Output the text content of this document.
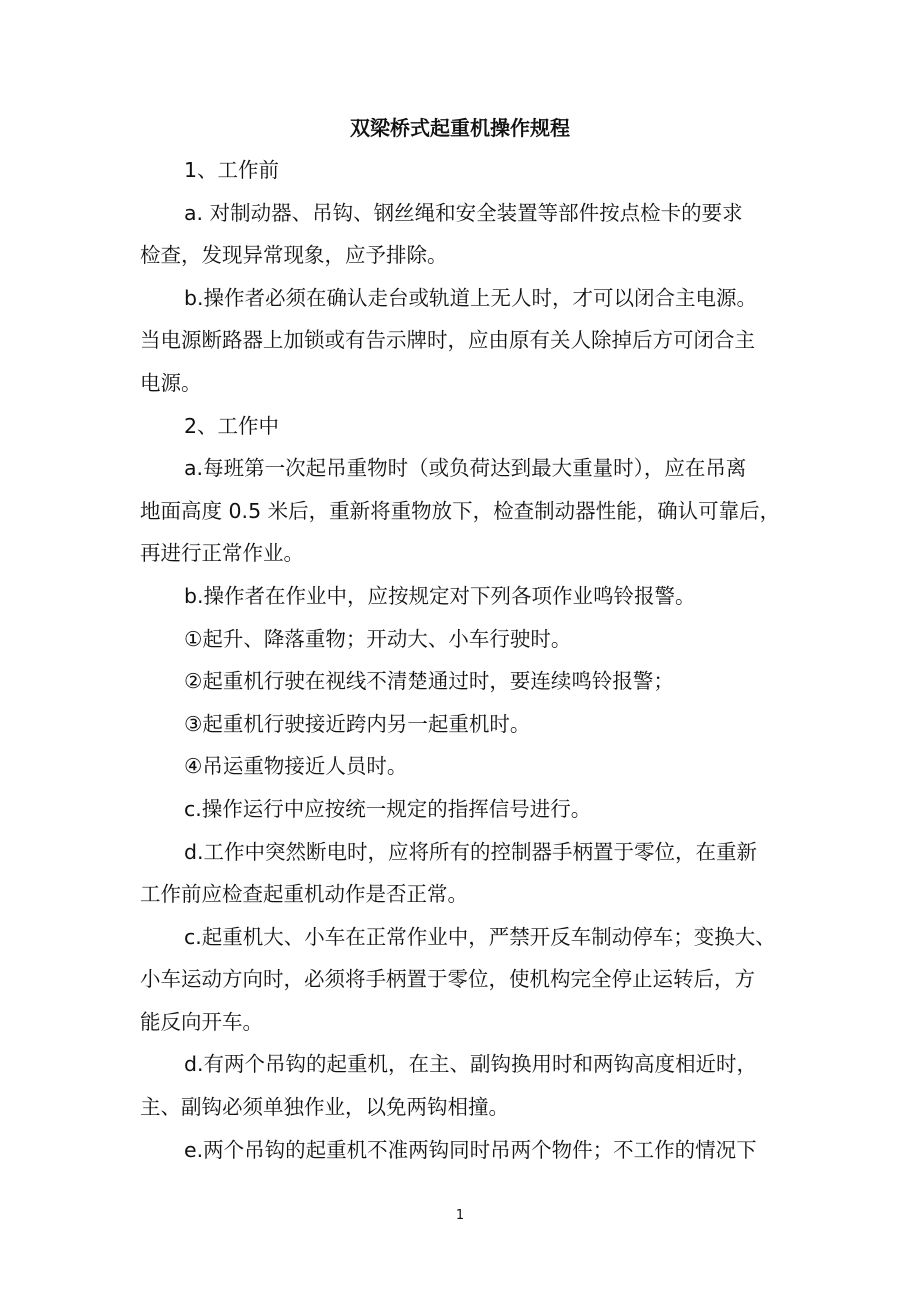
双梁桥式起重机操作规程
1、工作前
a. 对制动器、吊钩、钢丝绳和安全装置等部件按点检卡的要求
检查，发现异常现象，应予排除。
b.操作者必须在确认走台或轨道上无人时，才可以闭合主电源。
当电源断路器上加锁或有告示牌时，应由原有关人除掉后方可闭合主
电源。
2、工作中
a.每班第一次起吊重物时（或负荷达到最大重量时），应在吊离
地面高度 0.5 米后，重新将重物放下，检查制动器性能，确认可靠后，
再进行正常作业。
b.操作者在作业中，应按规定对下列各项作业鸣铃报警。
①起升、降落重物；开动大、小车行驶时。
②起重机行驶在视线不清楚通过时，要连续鸣铃报警；
③起重机行驶接近跨内另一起重机时。
④吊运重物接近人员时。
c.操作运行中应按统一规定的指挥信号进行。
d.工作中突然断电时，应将所有的控制器手柄置于零位，在重新
工作前应检查起重机动作是否正常。
c.起重机大、小车在正常作业中，严禁开反车制动停车；变换大、
小车运动方向时，必须将手柄置于零位，使机构完全停止运转后，方
能反向开车。
d.有两个吊钩的起重机，在主、副钩换用时和两钩高度相近时，
主、副钩必须单独作业，以免两钩相撞。
e.两个吊钩的起重机不准两钩同时吊两个物件；不工作的情况下
1
